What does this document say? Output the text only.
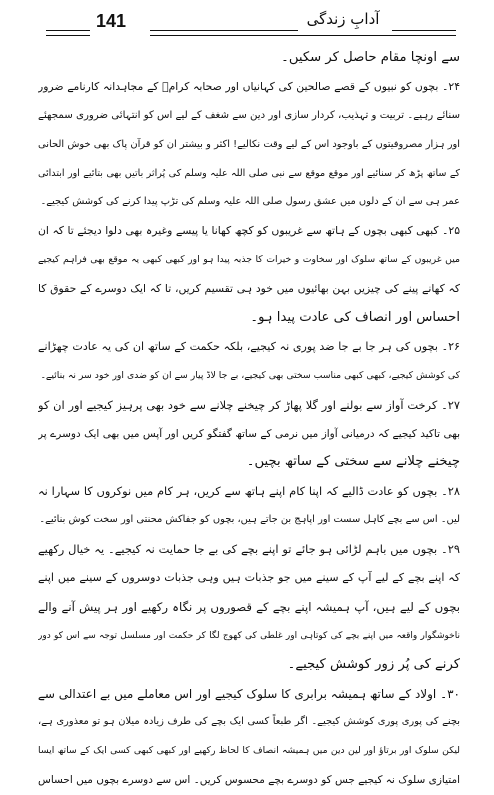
141	آدابِ زندگی
سے اونچا مقام حاصل کر سکیں۔
۲۴۔ بچوں کو نبیوں کے قصے صالحین کی کہانیاں اور صحابہ کرامؓ کے مجاہدانہ کارنامے ضرور
سنائے رہیے۔ تربیت و تہذیب، کردار سازی اور دین سے شغف کے لیے اس کو انتہائی ضروری سمجھئے
اور ہزار مصروفیتوں کے باوجود اس کے لیے وقت نکالیے! اکثر و بیشتر ان کو قرآن پاک بھی خوش الحانی
کے ساتھ پڑھ کر سنائیے اور موقع موقع سے نبی صلی اللہ علیہ وسلم کی پُراثر باتیں بھی بتائیے اور ابتدائی
عمر ہی سے ان کے دلوں میں عشق رسول صلی اللہ علیہ وسلم کی تڑپ پیدا کرنے کی کوشش کیجیے۔
۲۵۔ کبھی کبھی بچوں کے ہاتھ سے غریبوں کو کچھ کھانا یا پیسے وغیرہ بھی دلوا دیجئے تا کہ ان
میں غریبوں کے ساتھ سلوک اور سخاوت و خیرات کا جذبہ پیدا ہو اور کبھی کبھی یہ موقع بھی فراہم کیجیے
کہ کھانے پینے کی چیزیں بہن بھائیوں میں خود ہی تقسیم کریں، تا کہ ایک دوسرے کے حقوق کا
احساس اور انصاف کی عادت پیدا ہو۔
۲۶۔ بچوں کی ہر جا بے جا ضد پوری نہ کیجیے، بلکہ حکمت کے ساتھ ان کی یہ عادت چھڑانے
کی کوشش کیجیے، کبھی کبھی مناسب سختی بھی کیجیے، بے جا لاڈ پیار سے ان کو ضدی اور خود سر نہ بنائیے۔
۲۷۔ کرخت آواز سے بولنے اور گلا پھاڑ کر چیخنے چلانے سے خود بھی پرہیز کیجیے اور ان کو
بھی تاکید کیجیے کہ درمیانی آواز میں نرمی کے ساتھ گفتگو کریں اور آپس میں بھی ایک دوسرے پر
چیخنے چلانے سے سختی کے ساتھ بچیں۔
۲۸۔ بچوں کو عادت ڈالیے کہ اپنا کام اپنے ہاتھ سے کریں، ہر کام میں نوکروں کا سہارا نہ
لیں۔ اس سے بچے کاہل سست اور اپاہج بن جاتے ہیں، بچوں کو جفاکش محنتی اور سخت کوش بنائیے۔
۲۹۔ بچوں میں باہم لڑائی ہو جائے تو اپنے بچے کی بے جا حمایت نہ کیجیے۔ یہ خیال رکھیے
کہ اپنے بچے کے لیے آپ کے سینے میں جو جذبات ہیں وہی جذبات دوسروں کے سینے میں اپنے
بچوں کے لیے ہیں، آپ ہمیشہ اپنے بچے کے قصوروں پر نگاہ رکھیے اور ہر پیش آنے والے
ناخوشگوار واقعہ میں اپنے بچے کی کوتاہی اور غلطی کی کھوج لگا کر حکمت اور مسلسل توجہ سے اس کو دور
کرنے کی پُر زور کوشش کیجیے۔
۳۰۔ اولاد کے ساتھ ہمیشہ برابری کا سلوک کیجیے اور اس معاملے میں بے اعتدالی سے
بچنے کی پوری پوری کوشش کیجیے۔ اگر طبعاً کسی ایک بچے کی طرف زیادہ میلان ہو تو معذوری ہے،
لیکن سلوک اور برتاؤ اور لین دین میں ہمیشہ انصاف کا لحاظ رکھیے اور کبھی کبھی کسی ایک کے ساتھ ایسا
امتیازی سلوک نہ کیجیے جس کو دوسرے بچے محسوس کریں۔ اس سے دوسرے بچوں میں احساس
